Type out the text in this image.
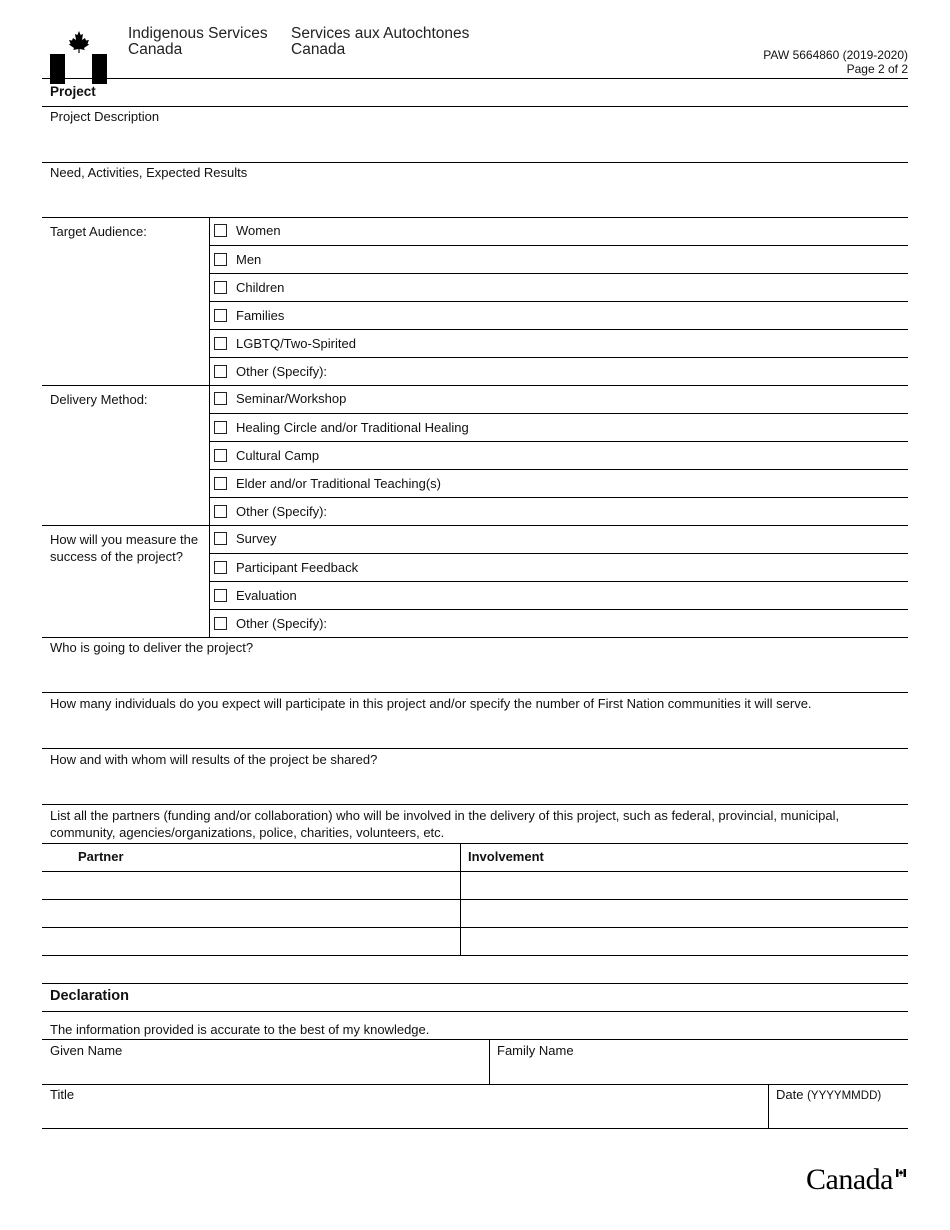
Indigenous Services
Canada
Services aux Autochtones
Canada	PAW 5664860 (2019-2020)
Page 2 of 2
Project
Project Description
Need, Activities, Expected Results
Target Audience:	Women
Men
Children
Families
LGBTQ/Two-Spirited
Other (Specify):
Delivery Method:	Seminar/Workshop
Healing Circle and/or Traditional Healing
Cultural Camp
Elder and/or Traditional Teaching(s)
Other (Specify):
How will you measure the success of the project?
Survey
Participant Feedback
Evaluation
Other (Specify):
Who is going to deliver the project?
How many individuals do you expect will participate in this project and/or specify the number of First Nation communities it will serve.
How and with whom will results of the project be shared?
List all the partners (funding and/or collaboration) who will be involved in the delivery of this project, such as federal, provincial, municipal, community, agencies/organizations, police, charities, volunteers, etc.
Partner	Involvement
Declaration
The information provided is accurate to the best of my knowledge.
Given Name	Family Name
Title	Date (YYYYMMDD)
Canada
